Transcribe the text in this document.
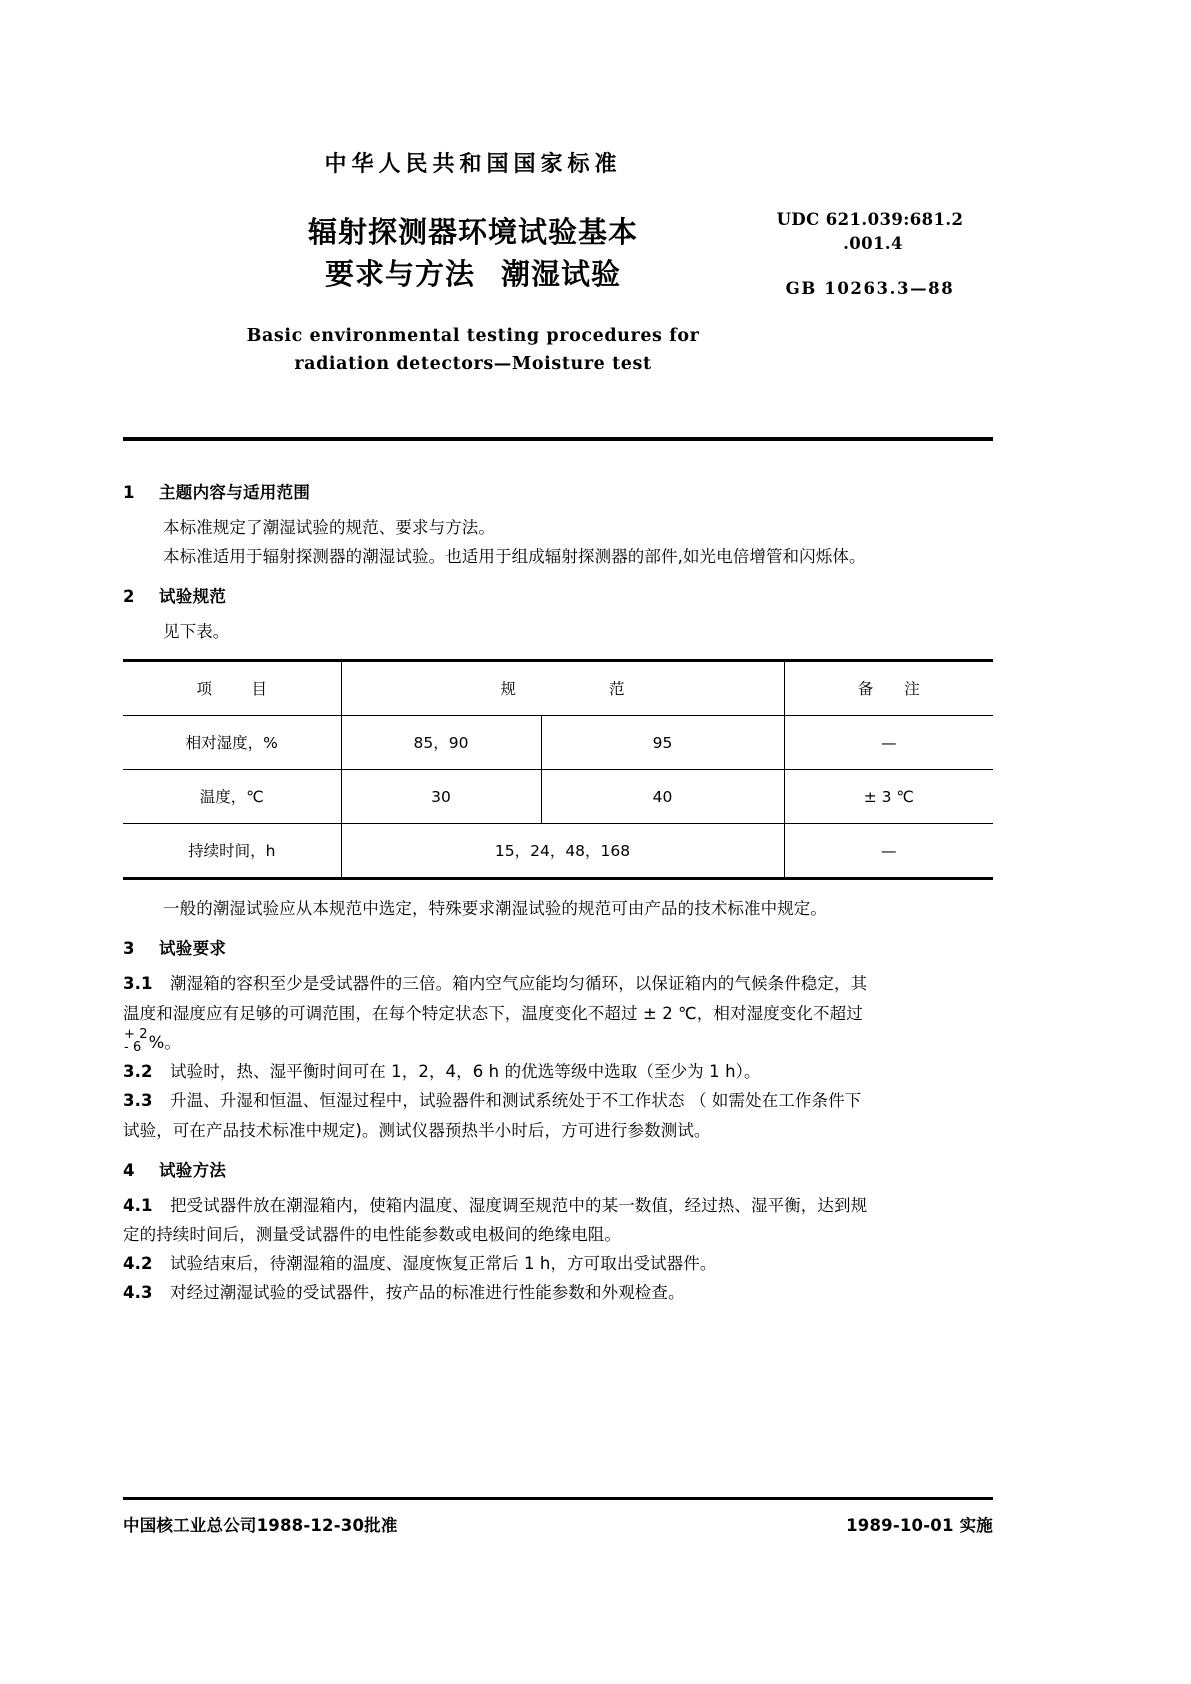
中华人民共和国国家标准
辐射探测器环境试验基本
要求与方法 潮湿试验
Basic environmental testing procedures for
radiation detectors—Moisture test
UDC 621.039:681.2
.001.4
GB 10263.3—88
1 主题内容与适用范围
本标准规定了潮湿试验的规范、要求与方法。
本标准适用于辐射探测器的潮湿试验。也适用于组成辐射探测器的部件,如光电倍增管和闪烁体。
2 试验规范
见下表。
项　目	规　　　　　　范		备　　注
相对湿度，%	85，90	95	—
温度，℃	30	40	± 3 ℃
持续时间，h	15，24，48，168		—
一般的潮湿试验应从本规范中选定，特殊要求潮湿试验的规范可由产品的技术标准中规定。
3 试验要求
3.1 潮湿箱的容积至少是受试器件的三倍。箱内空气应能均匀循环，以保证箱内的气候条件稳定，其
温度和湿度应有足够的可调范围，在每个特定状态下，温度变化不超过 ± 2 ℃，相对湿度变化不超过
+ 2
- 6 %。
3.2 试验时，热、湿平衡时间可在 1，2，4，6 h 的优选等级中选取（至少为 1 h）。
3.3 升温、升湿和恒温、恒湿过程中，试验器件和测试系统处于不工作状态 （ 如需处在工作条件下
试验，可在产品技术标准中规定)。测试仪器预热半小时后，方可进行参数测试。
4 试验方法
4.1 把受试器件放在潮湿箱内，使箱内温度、湿度调至规范中的某一数值，经过热、湿平衡，达到规
定的持续时间后，测量受试器件的电性能参数或电极间的绝缘电阻。
4.2 试验结束后，待潮湿箱的温度、湿度恢复正常后 1 h，方可取出受试器件。
4.3 对经过潮湿试验的受试器件，按产品的标准进行性能参数和外观检查。
中国核工业总公司1988-12-30批准	1989-10-01 实施
